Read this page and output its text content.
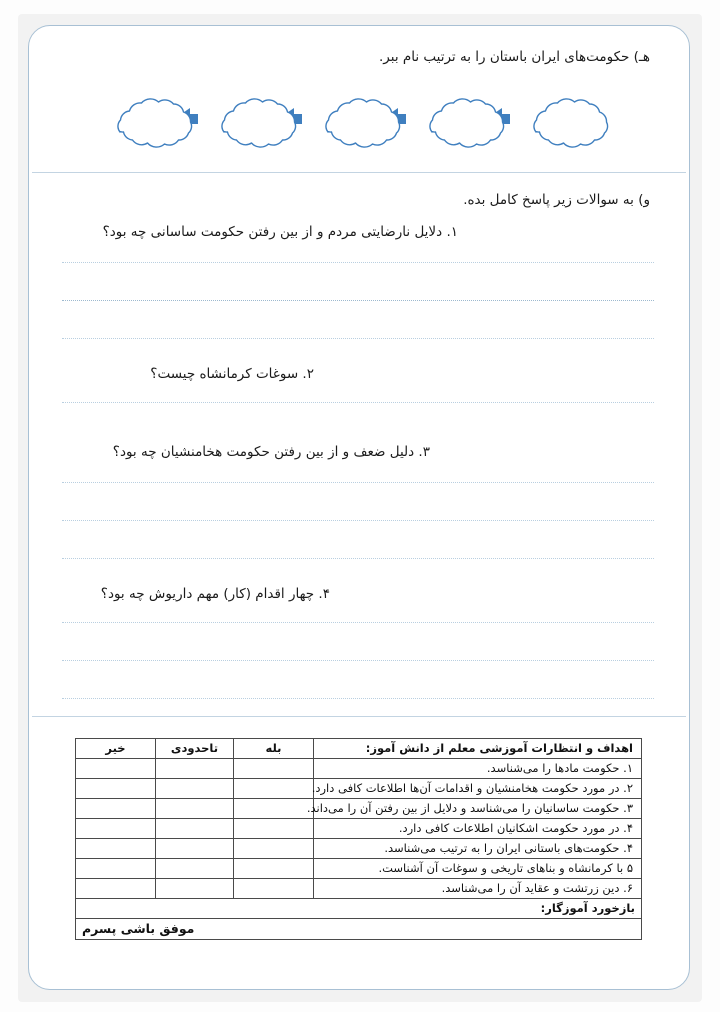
هـ) حکومت‌های ایران باستان را به ترتیب نام ببر.
و) به سوالات زیر پاسخ کامل بده.
۱. دلایل نارضایتی مردم و از بین رفتن حکومت ساسانی چه بود؟
۲. سوغات کرمانشاه چیست؟
۳. دلیل ضعف و از بین رفتن حکومت هخامنشیان چه بود؟
۴. چهار اقدام (کار) مهم داریوش چه بود؟
اهداف و انتظارات آموزشی معلم از دانش آموز:	بله	تاحدودی	خیر
۱. حکومت مادها را می‌شناسد.			
۲. در مورد حکومت هخامنشیان و اقدامات آن‌ها اطلاعات کافی دارد.			
۳. حکومت ساسانیان را می‌شناسد و دلایل از بین رفتن آن را می‌داند.			
۴. در مورد حکومت اشکانیان اطلاعات کافی دارد.			
۴. حکومت‌های باستانی ایران را به ترتیب می‌شناسد.			
۵ با کرمانشاه و بناهای تاریخی و سوغات آن آشناست.			
۶. دین زرتشت و عقاید آن را می‌شناسد.			
بازخورد آموزگار:			
موفق باشی پسرم			
